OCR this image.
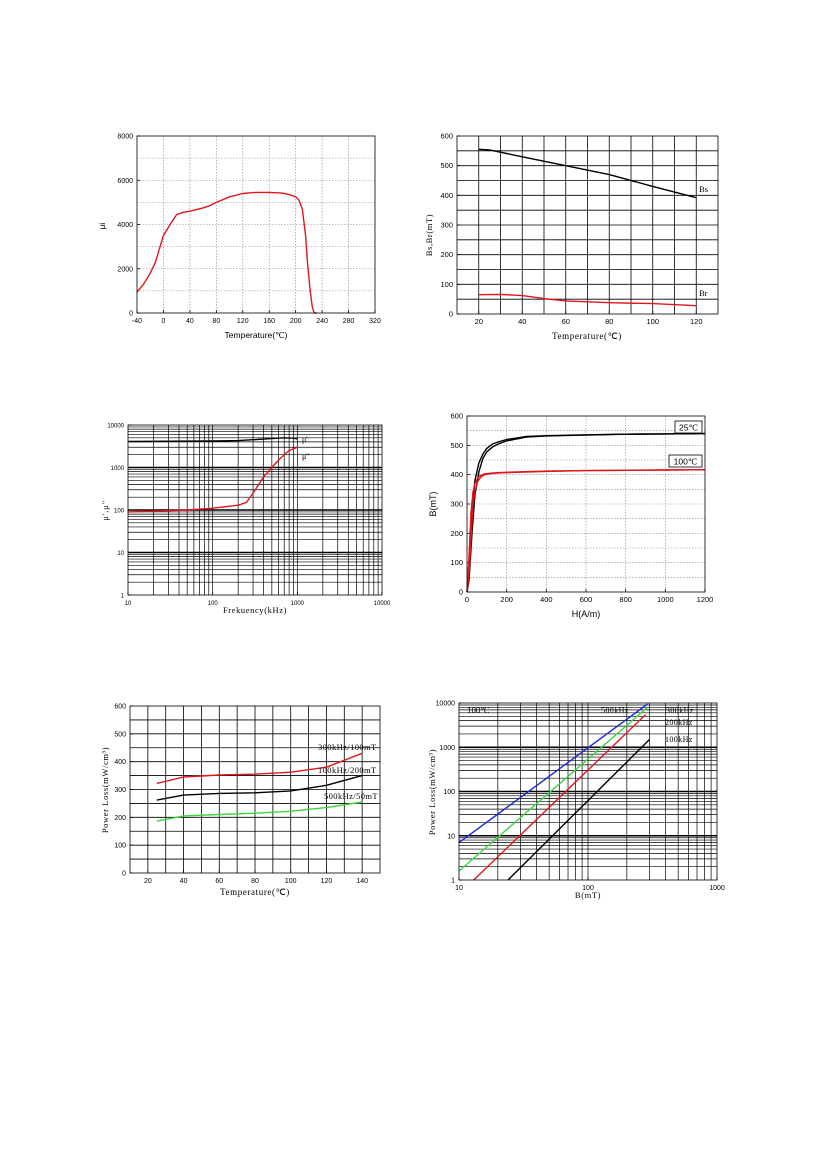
-40	0	40	80 120 160 200 240 280 320
0
2000
4000
6000
8000
Temperature(℃)
μi
20	40	60	80	100	120
0
100
200
300
400
500
600
Temperature(℃)
Bs,Br(mT)
Bs
Br
10	100	1000	10000
1
10
100
1000
10000
Frekuency(kHz)
μ',μ''
μ'
μ''
0	200	400	600	800	1000	1200
0
100
200
300
400
500
600
H(A/m)
B(mT)
25℃
100℃
20	40	60	80	100	120	140
0
100
200
300
400
500
600
Temperature(℃)
Power Loss(mW/cm³)	300kHz/100mT
100kHz/200mT
500kHz/50mT
10	100	1000
1
10
100
1000
10000
B(mT)
Power Loss(mW/cm³)
100℃	500kHz	300kHz
200kHz
100kHz
